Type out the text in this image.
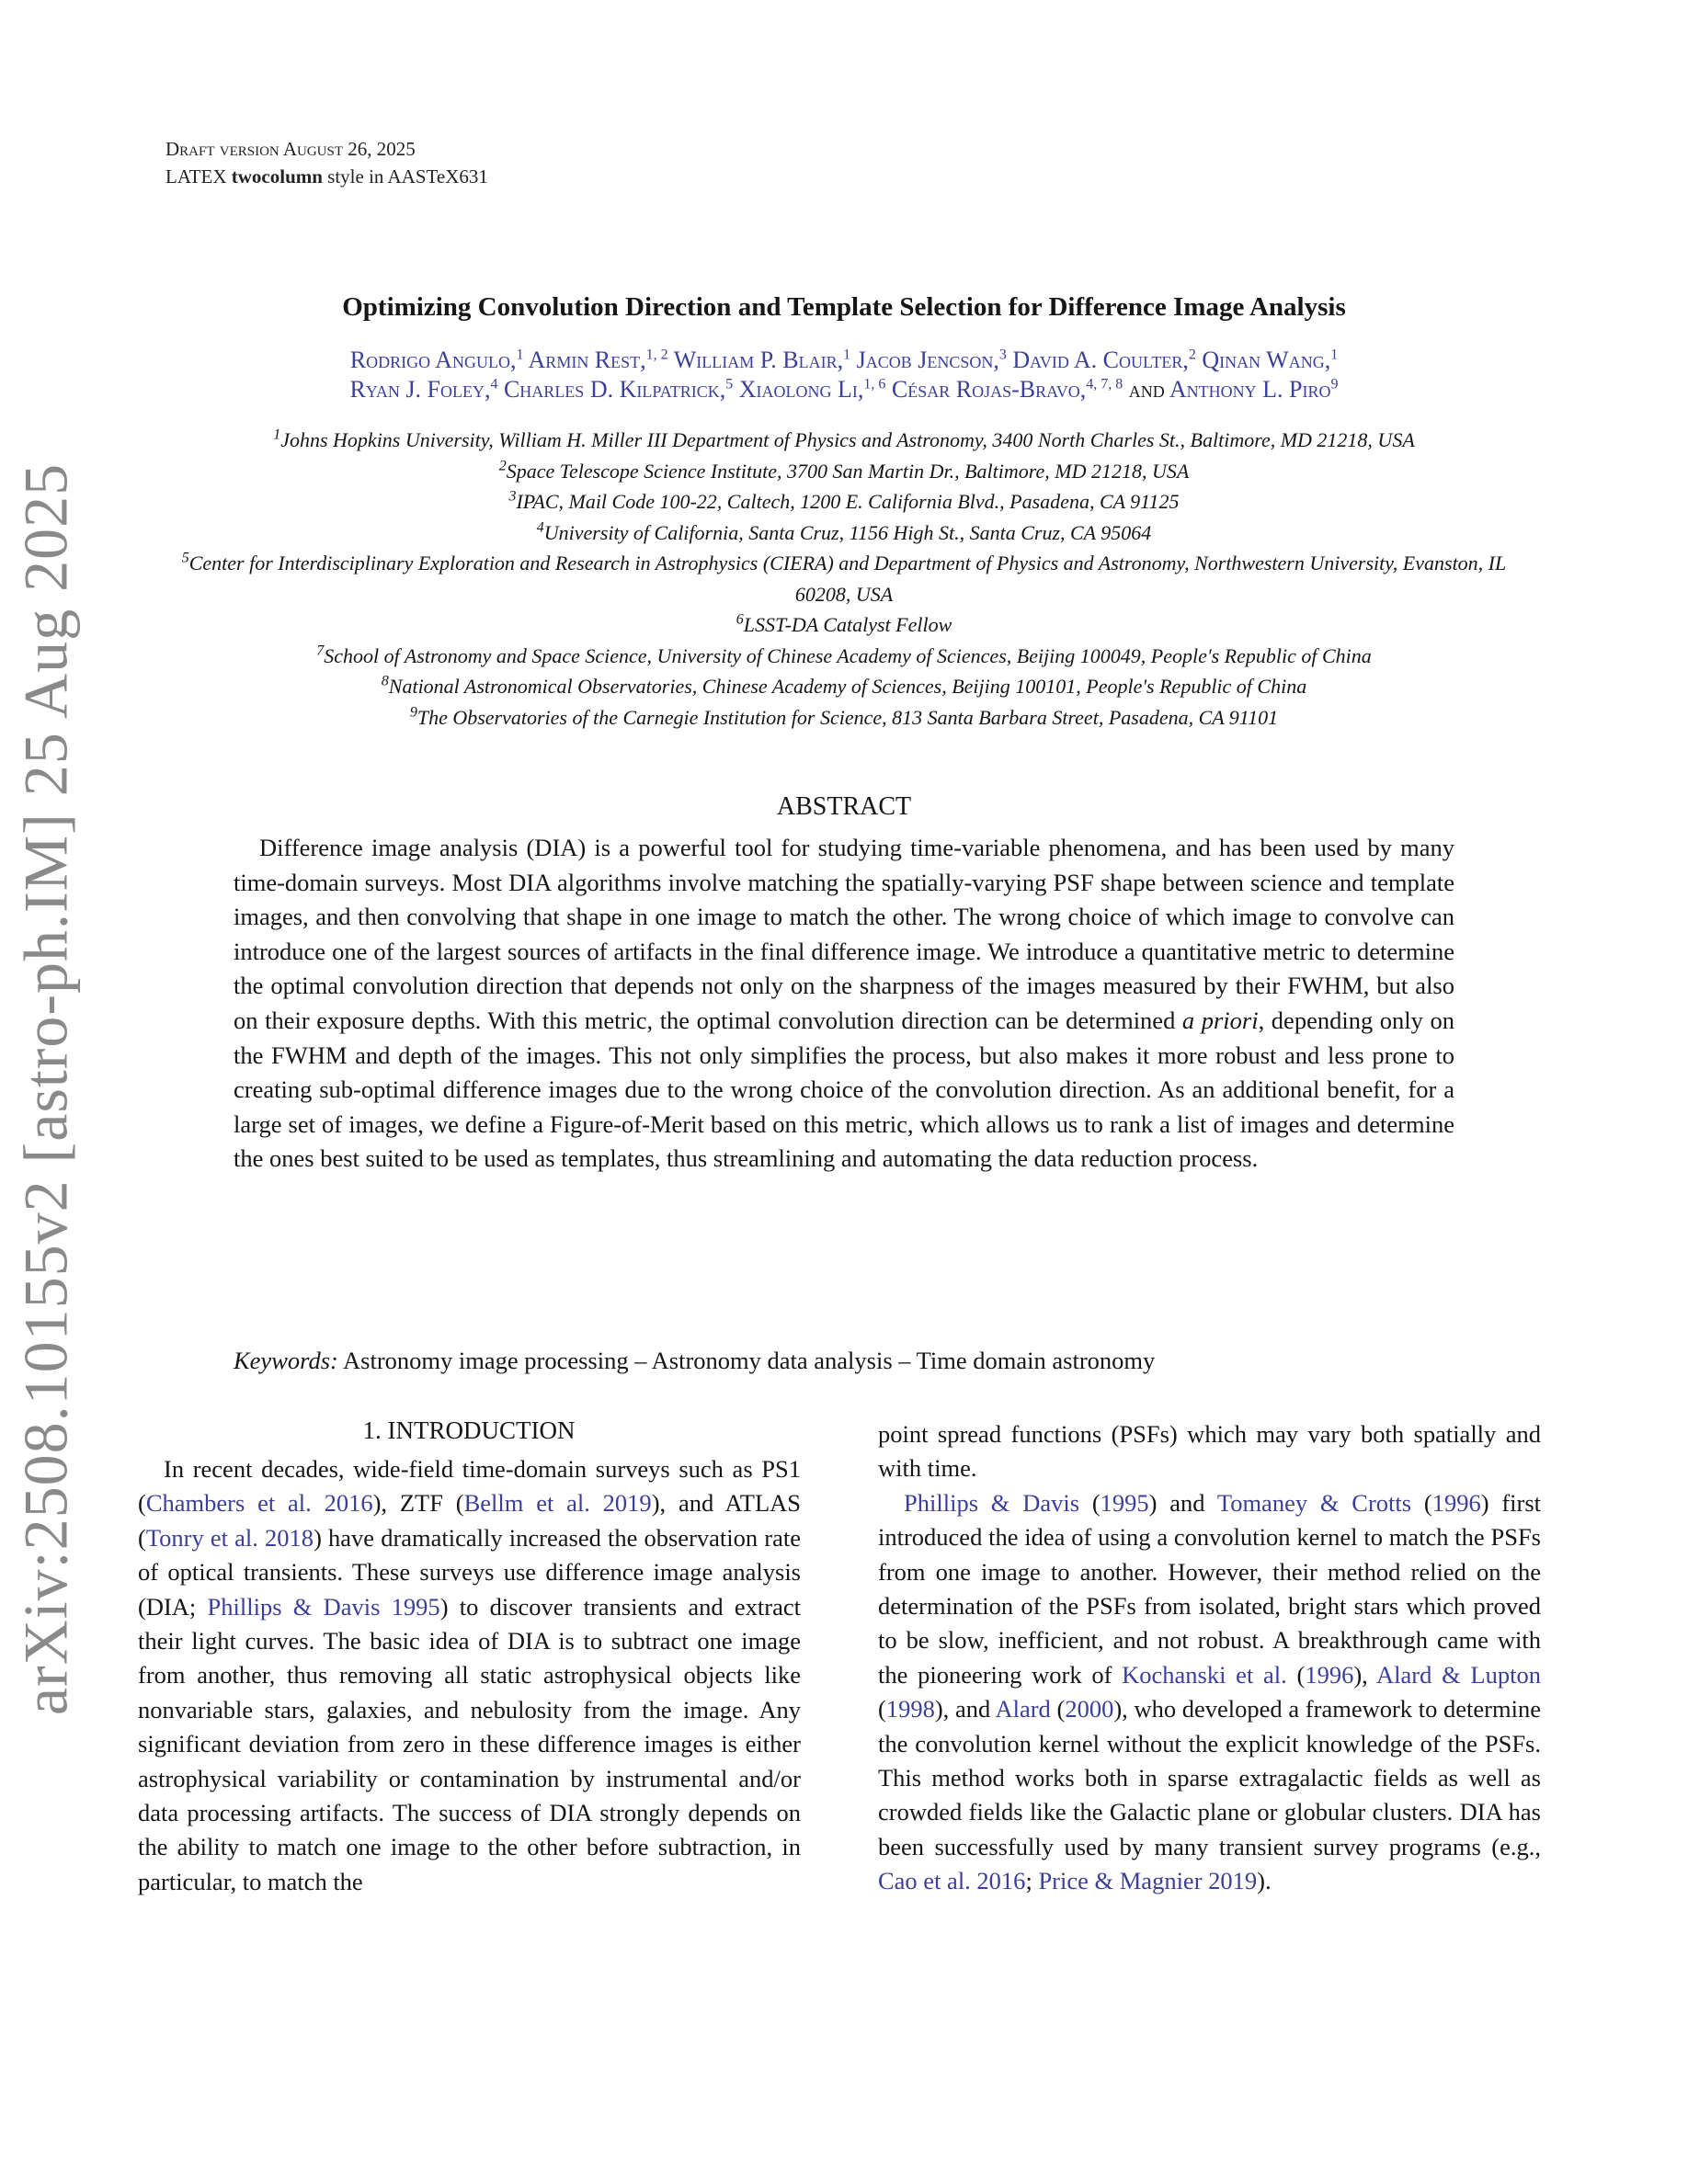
arXiv:2508.10155v2 [astro-ph.IM] 25 Aug 2025
Draft version August 26, 2025
LATEX twocolumn style in AASTeX631
Optimizing Convolution Direction and Template Selection for Difference Image Analysis
Rodrigo Angulo,$^1$ Armin Rest,$^{1, 2}$ William P. Blair,$^1$ Jacob Jencson,$^3$ David A. Coulter,$^2$ Qinan Wang,$^1$
Ryan J. Foley,$^4$ Charles D. Kilpatrick,$^5$ Xiaolong Li,$^{1, 6}$ César Rojas-Bravo,$^{4, 7, 8}$ and Anthony L. Piro$^9$
$^1$Johns Hopkins University, William H. Miller III Department of Physics and Astronomy, 3400 North Charles St., Baltimore, MD 21218, USA
$^2$Space Telescope Science Institute, 3700 San Martin Dr., Baltimore, MD 21218, USA
$^3$IPAC, Mail Code 100-22, Caltech, 1200 E. California Blvd., Pasadena, CA 91125
$^4$University of California, Santa Cruz, 1156 High St., Santa Cruz, CA 95064
$^5$Center for Interdisciplinary Exploration and Research in Astrophysics (CIERA) and Department of Physics and Astronomy, Northwestern University, Evanston, IL 60208, USA
$^6$LSST-DA Catalyst Fellow
$^7$School of Astronomy and Space Science, University of Chinese Academy of Sciences, Beijing 100049, People's Republic of China
$^8$National Astronomical Observatories, Chinese Academy of Sciences, Beijing 100101, People's Republic of China
$^9$The Observatories of the Carnegie Institution for Science, 813 Santa Barbara Street, Pasadena, CA 91101
ABSTRACT
Difference image analysis (DIA) is a powerful tool for studying time-variable phenomena, and has been used by many time-domain surveys. Most DIA algorithms involve matching the spatially-varying PSF shape between science and template images, and then convolving that shape in one image to match the other. The wrong choice of which image to convolve can introduce one of the largest sources of artifacts in the final difference image. We introduce a quantitative metric to determine the optimal convolution direction that depends not only on the sharpness of the images measured by their FWHM, but also on their exposure depths. With this metric, the optimal convolution direction can be determined a priori, depending only on the FWHM and depth of the images. This not only simplifies the process, but also makes it more robust and less prone to creating sub-optimal difference images due to the wrong choice of the convolution direction. As an additional benefit, for a large set of images, we define a Figure-of-Merit based on this metric, which allows us to rank a list of images and determine the ones best suited to be used as templates, thus streamlining and automating the data reduction process.
Keywords: Astronomy image processing – Astronomy data analysis – Time domain astronomy
1. INTRODUCTION

In recent decades, wide-field time-domain surveys such as PS1 (Chambers et al. 2016), ZTF (Bellm et al. 2019), and ATLAS (Tonry et al. 2018) have dramatically increased the observation rate of optical transients. These surveys use difference image analysis (DIA; Phillips & Davis 1995) to discover transients and extract their light curves. The basic idea of DIA is to subtract one image from another, thus removing all static astrophysical objects like nonvariable stars, galaxies, and nebulosity from the image. Any significant deviation from zero in these difference images is either astrophysical variability or contamination by instrumental and/or data processing artifacts. The success of DIA strongly depends on the ability to match one image to the other before subtraction, in particular, to match the

point spread functions (PSFs) which may vary both spatially and with time.

Phillips & Davis (1995) and Tomaney & Crotts (1996) first introduced the idea of using a convolution kernel to match the PSFs from one image to another. However, their method relied on the determination of the PSFs from isolated, bright stars which proved to be slow, inefficient, and not robust. A breakthrough came with the pioneering work of Kochanski et al. (1996), Alard & Lupton (1998), and Alard (2000), who developed a framework to determine the convolution kernel without the explicit knowledge of the PSFs. This method works both in sparse extragalactic fields as well as crowded fields like the Galactic plane or globular clusters. DIA has been successfully used by many transient survey programs (e.g., Cao et al. 2016; Price & Magnier 2019).
